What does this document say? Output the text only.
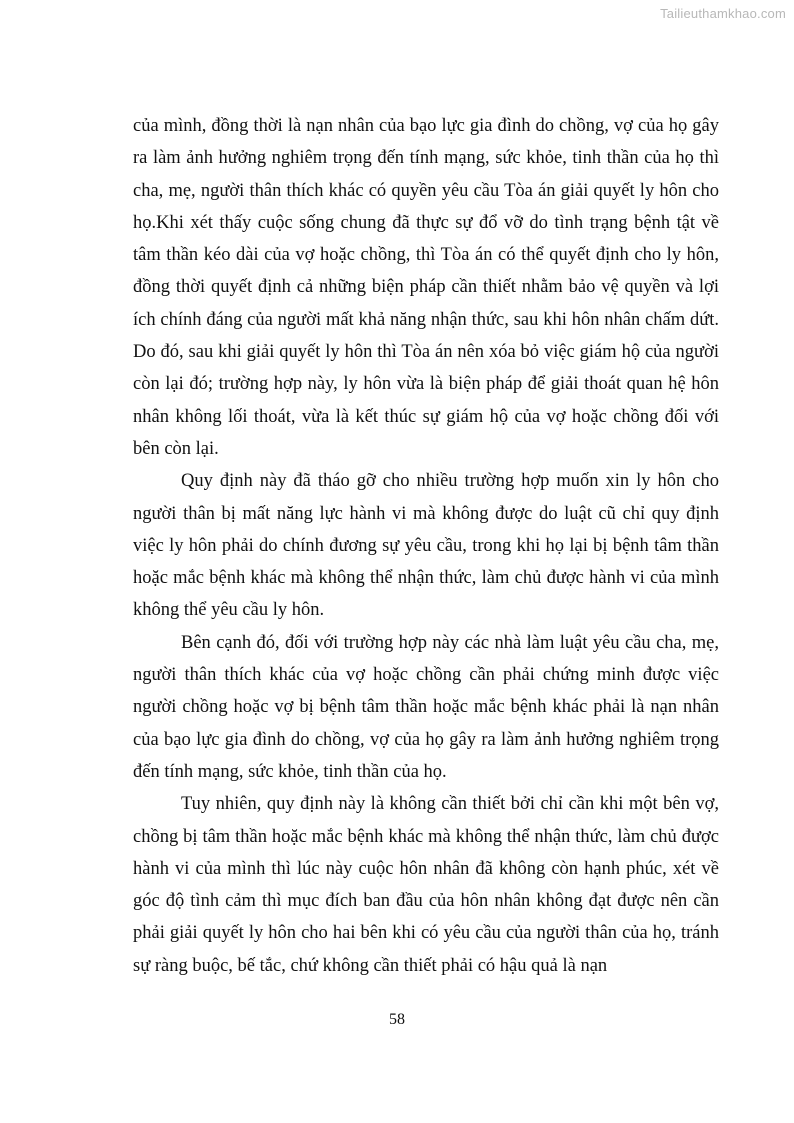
Tailieuthamkhao.com

của mình, đồng thời là nạn nhân của bạo lực gia đình do chồng, vợ của họ gây ra làm ảnh hưởng nghiêm trọng đến tính mạng, sức khỏe, tinh thần của họ thì cha, mẹ, người thân thích khác có quyền yêu cầu Tòa án giải quyết ly hôn cho họ.Khi xét thấy cuộc sống chung đã thực sự đổ vỡ do tình trạng bệnh tật về tâm thần kéo dài của vợ hoặc chồng, thì Tòa án có thể quyết định cho ly hôn, đồng thời quyết định cả những biện pháp cần thiết nhằm bảo vệ quyền và lợi ích chính đáng của người mất khả năng nhận thức, sau khi hôn nhân chấm dứt. Do đó, sau khi giải quyết ly hôn thì Tòa án nên xóa bỏ việc giám hộ của người còn lại đó; trường hợp này, ly hôn vừa là biện pháp để giải thoát quan hệ hôn nhân không lối thoát, vừa là kết thúc sự giám hộ của vợ hoặc chồng đối với bên còn lại.

Quy định này đã tháo gỡ cho nhiều trường hợp muốn xin ly hôn cho người thân bị mất năng lực hành vi mà không được do luật cũ chỉ quy định việc ly hôn phải do chính đương sự yêu cầu, trong khi họ lại bị bệnh tâm thần hoặc mắc bệnh khác mà không thể nhận thức, làm chủ được hành vi của mình không thể yêu cầu ly hôn.

Bên cạnh đó, đối với trường hợp này các nhà làm luật yêu cầu cha, mẹ, người thân thích khác của vợ hoặc chồng cần phải chứng minh được việc người chồng hoặc vợ bị bệnh tâm thần hoặc mắc bệnh khác phải là nạn nhân của bạo lực gia đình do chồng, vợ của họ gây ra làm ảnh hưởng nghiêm trọng đến tính mạng, sức khỏe, tinh thần của họ.

Tuy nhiên, quy định này là không cần thiết bởi chỉ cần khi một bên vợ, chồng bị tâm thần hoặc mắc bệnh khác mà không thể nhận thức, làm chủ được hành vi của mình thì lúc này cuộc hôn nhân đã không còn hạnh phúc, xét về góc độ tình cảm thì mục đích ban đầu của hôn nhân không đạt được nên cần phải giải quyết ly hôn cho hai bên khi có yêu cầu của người thân của họ, tránh sự ràng buộc, bế tắc, chứ không cần thiết phải có hậu quả là nạn

58
